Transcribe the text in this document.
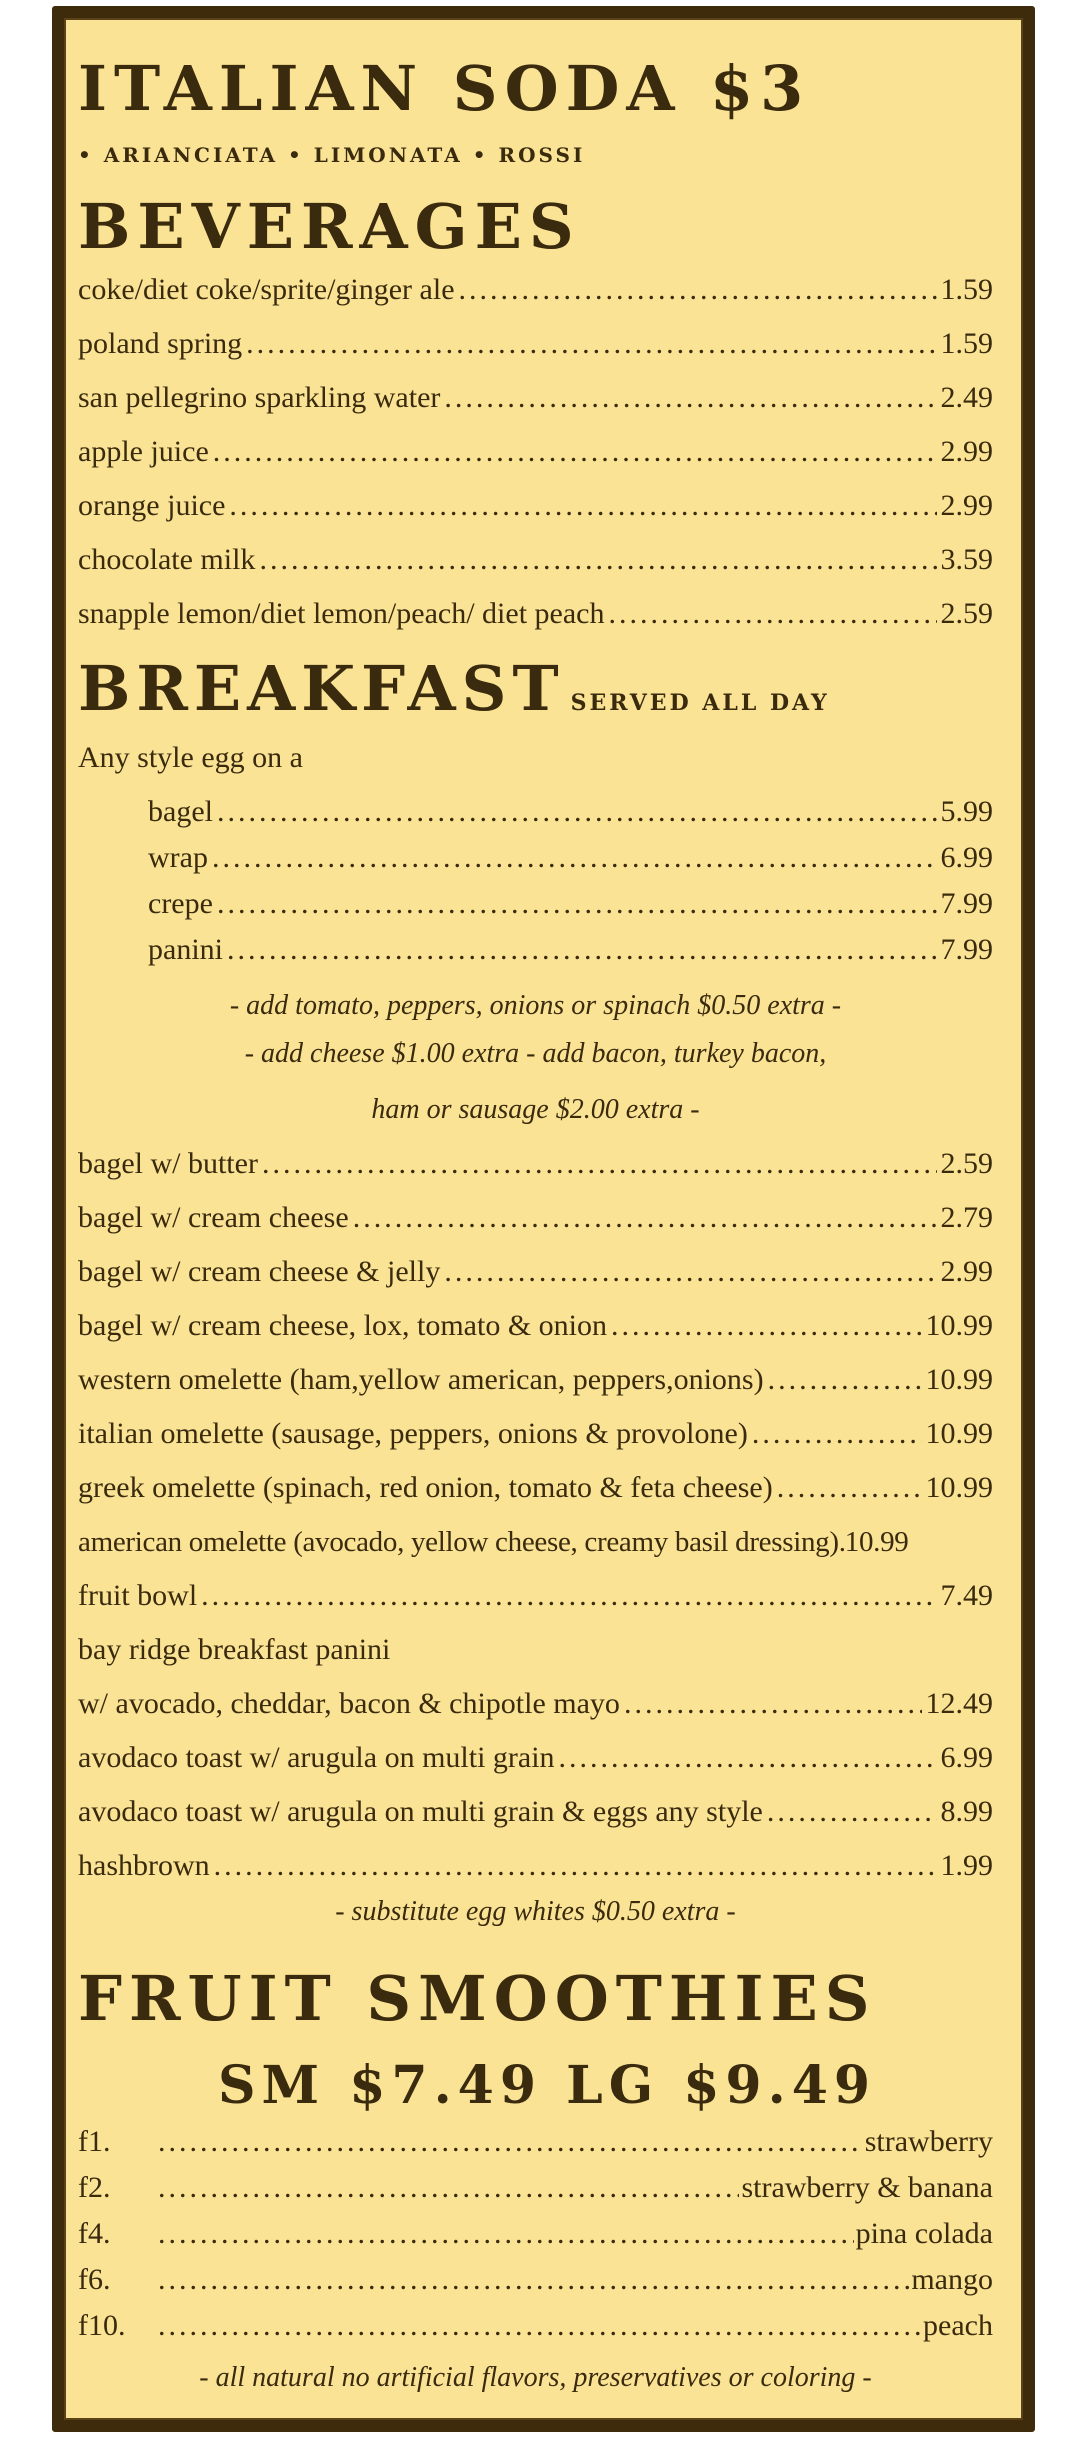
ITALIAN SODA $3
• ARIANCIATA • LIMONATA • ROSSI
BEVERAGES
coke/diet coke/sprite/ginger ale .....	1.59
poland spring .....	1.59
san pellegrino sparkling water .....	2.49
apple juice .....	2.99
orange juice .....	2.99
chocolate milk .....	3.59
snapple lemon/diet lemon/peach/ diet peach .....	2.59
BREAKFAST SERVED ALL DAY
Any style egg on a
bagel .....	5.99
wrap .....	6.99
crepe .....	7.99
panini .....	7.99
- add tomato, peppers, onions or spinach $0.50 extra -
- add cheese $1.00 extra - add bacon, turkey bacon,
ham or sausage $2.00 extra -
bagel w/ butter .....	2.59
bagel w/ cream cheese .....	2.79
bagel w/ cream cheese & jelly .....	2.99
bagel w/ cream cheese, lox, tomato & onion .....	10.99
western omelette (ham,yellow american, peppers,onions) .....	10.99
italian omelette (sausage, peppers, onions & provolone) .....	10.99
greek omelette (spinach, red onion, tomato & feta cheese) .....	10.99
american omelette (avocado, yellow cheese, creamy basil dressing) ..... 10.99
fruit bowl .....	7.49
bay ridge breakfast panini
w/ avocado, cheddar, bacon & chipotle mayo .....	12.49
avodaco toast w/ arugula on multi grain .....	6.99
avodaco toast w/ arugula on multi grain & eggs any style .....	8.99
hashbrown .....	1.99
- substitute egg whites $0.50 extra -
FRUIT SMOOTHIES
SM $7.49 LG $9.49
f1. .....	strawberry
f2. .....	strawberry & banana
f4. .....	pina colada
f6. .....	mango
f10. .....	peach
- all natural no artificial flavors, preservatives or coloring -
